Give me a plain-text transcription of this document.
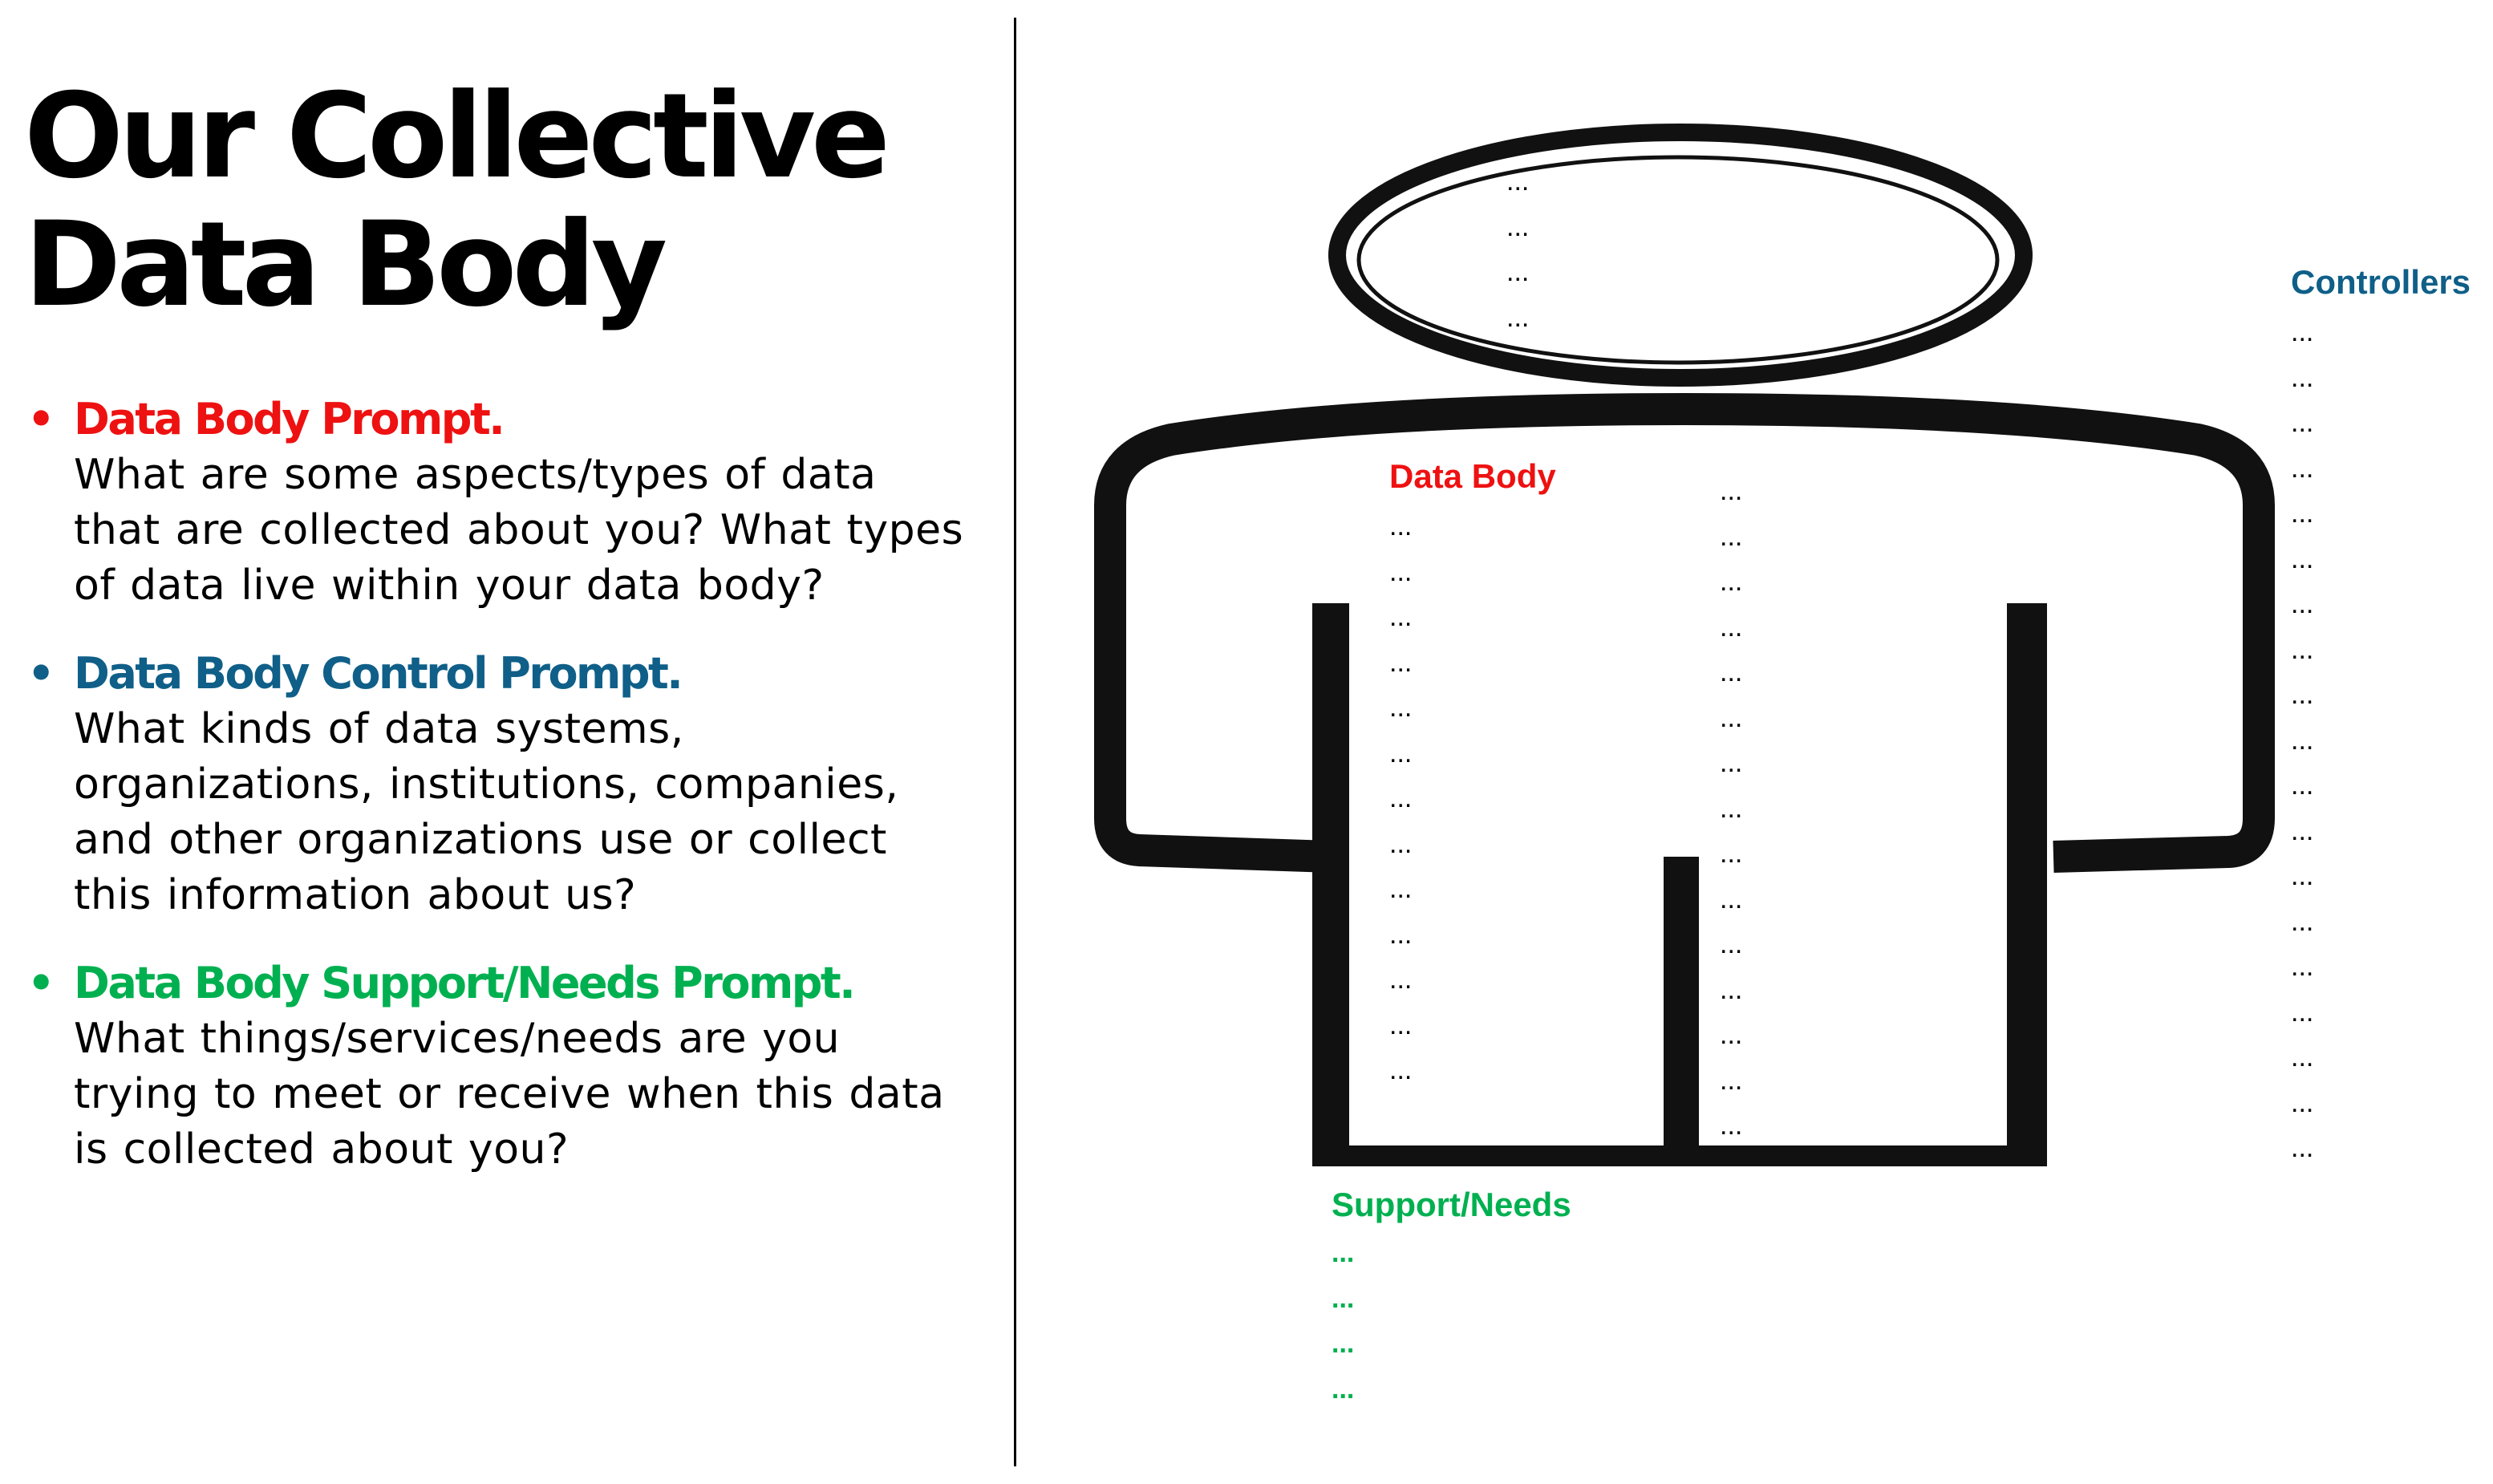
Our Collective
Data Body
• Data Body Prompt.
What are some aspects/types of data that are collected about you? What types of data live within your data body?
• Data Body Control Prompt.
What kinds of data systems, organizations, institutions, companies, and other organizations use or collect this information about us?
• Data Body Support/Needs Prompt.
What things/services/needs are you trying to meet or receive when this data is collected about you?
...
...
...
...

Data Body

...
...
...
...
...
...
...
...
...
...
...
...
...
...
...
...
...
...
...
...
...
...
...
...
...
...
...
...

Controllers

...
...
...
...
...
...
...
...
...
...
...
...
...
...
...
...
...
...
...

Support/Needs

...
...
...
...
